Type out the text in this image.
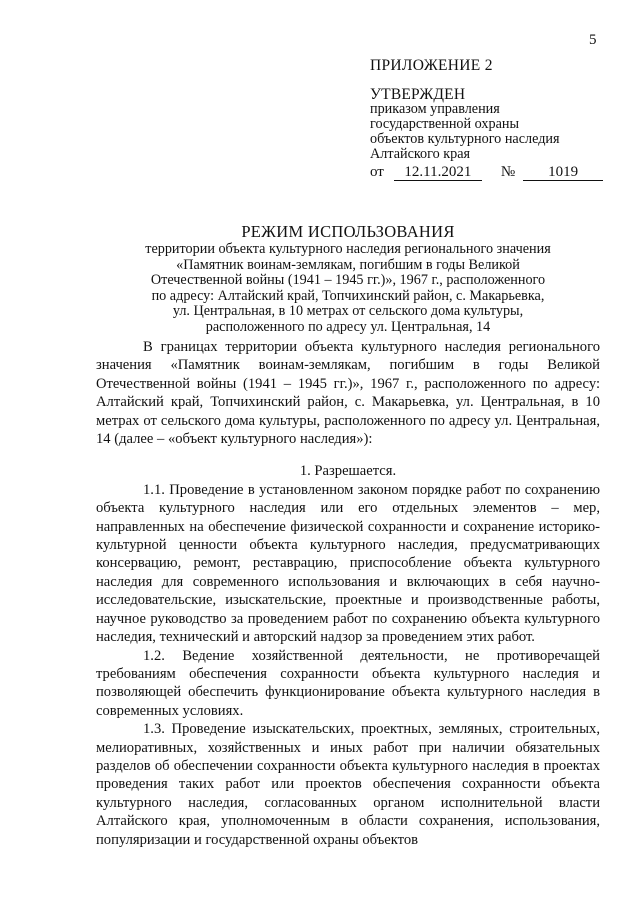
5
ПРИЛОЖЕНИЕ 2
УТВЕРЖДЕН
приказом управления
государственной охраны
объектов культурного наследия
Алтайского края
от 12.11.2021 № 1019
РЕЖИМ ИСПОЛЬЗОВАНИЯ
территории объекта культурного наследия регионального значения
«Памятник воинам-землякам, погибшим в годы Великой
Отечественной войны (1941 – 1945 гг.)», 1967 г., расположенного
по адресу: Алтайский край, Топчихинский район, с. Макарьевка,
ул. Центральная, в 10 метрах от сельского дома культуры,
расположенного по адресу ул. Центральная, 14

В границах территории объекта культурного наследия регионального значения «Памятник воинам-землякам, погибшим в годы Великой Отечественной войны (1941 – 1945 гг.)», 1967 г., расположенного по адресу: Алтайский край, Топчихинский район, с. Макарьевка, ул. Центральная, в 10 метрах от сельского дома культуры, расположенного по адресу ул. Центральная, 14 (далее – «объект культурного наследия»):

1. Разрешается.

1.1. Проведение в установленном законом порядке работ по сохранению объекта культурного наследия или его отдельных элементов – мер, направленных на обеспечение физической сохранности и сохранение историко-культурной ценности объекта культурного наследия, предусматривающих консервацию, ремонт, реставрацию, приспособление объекта культурного наследия для современного использования и включающих в себя научно-исследовательские, изыскательские, проектные и производственные работы, научное руководство за проведением работ по сохранению объекта культурного наследия, технический и авторский надзор за проведением этих работ.

1.2. Ведение хозяйственной деятельности, не противоречащей требованиям обеспечения сохранности объекта культурного наследия и позволяющей обеспечить функционирование объекта культурного наследия в современных условиях.

1.3. Проведение изыскательских, проектных, земляных, строительных, мелиоративных, хозяйственных и иных работ при наличии обязательных разделов об обеспечении сохранности объекта культурного наследия в проектах проведения таких работ или проектов обеспечения сохранности объекта культурного наследия, согласованных органом исполнительной власти Алтайского края, уполномоченным в области сохранения, использования, популяризации и государственной охраны объектов
